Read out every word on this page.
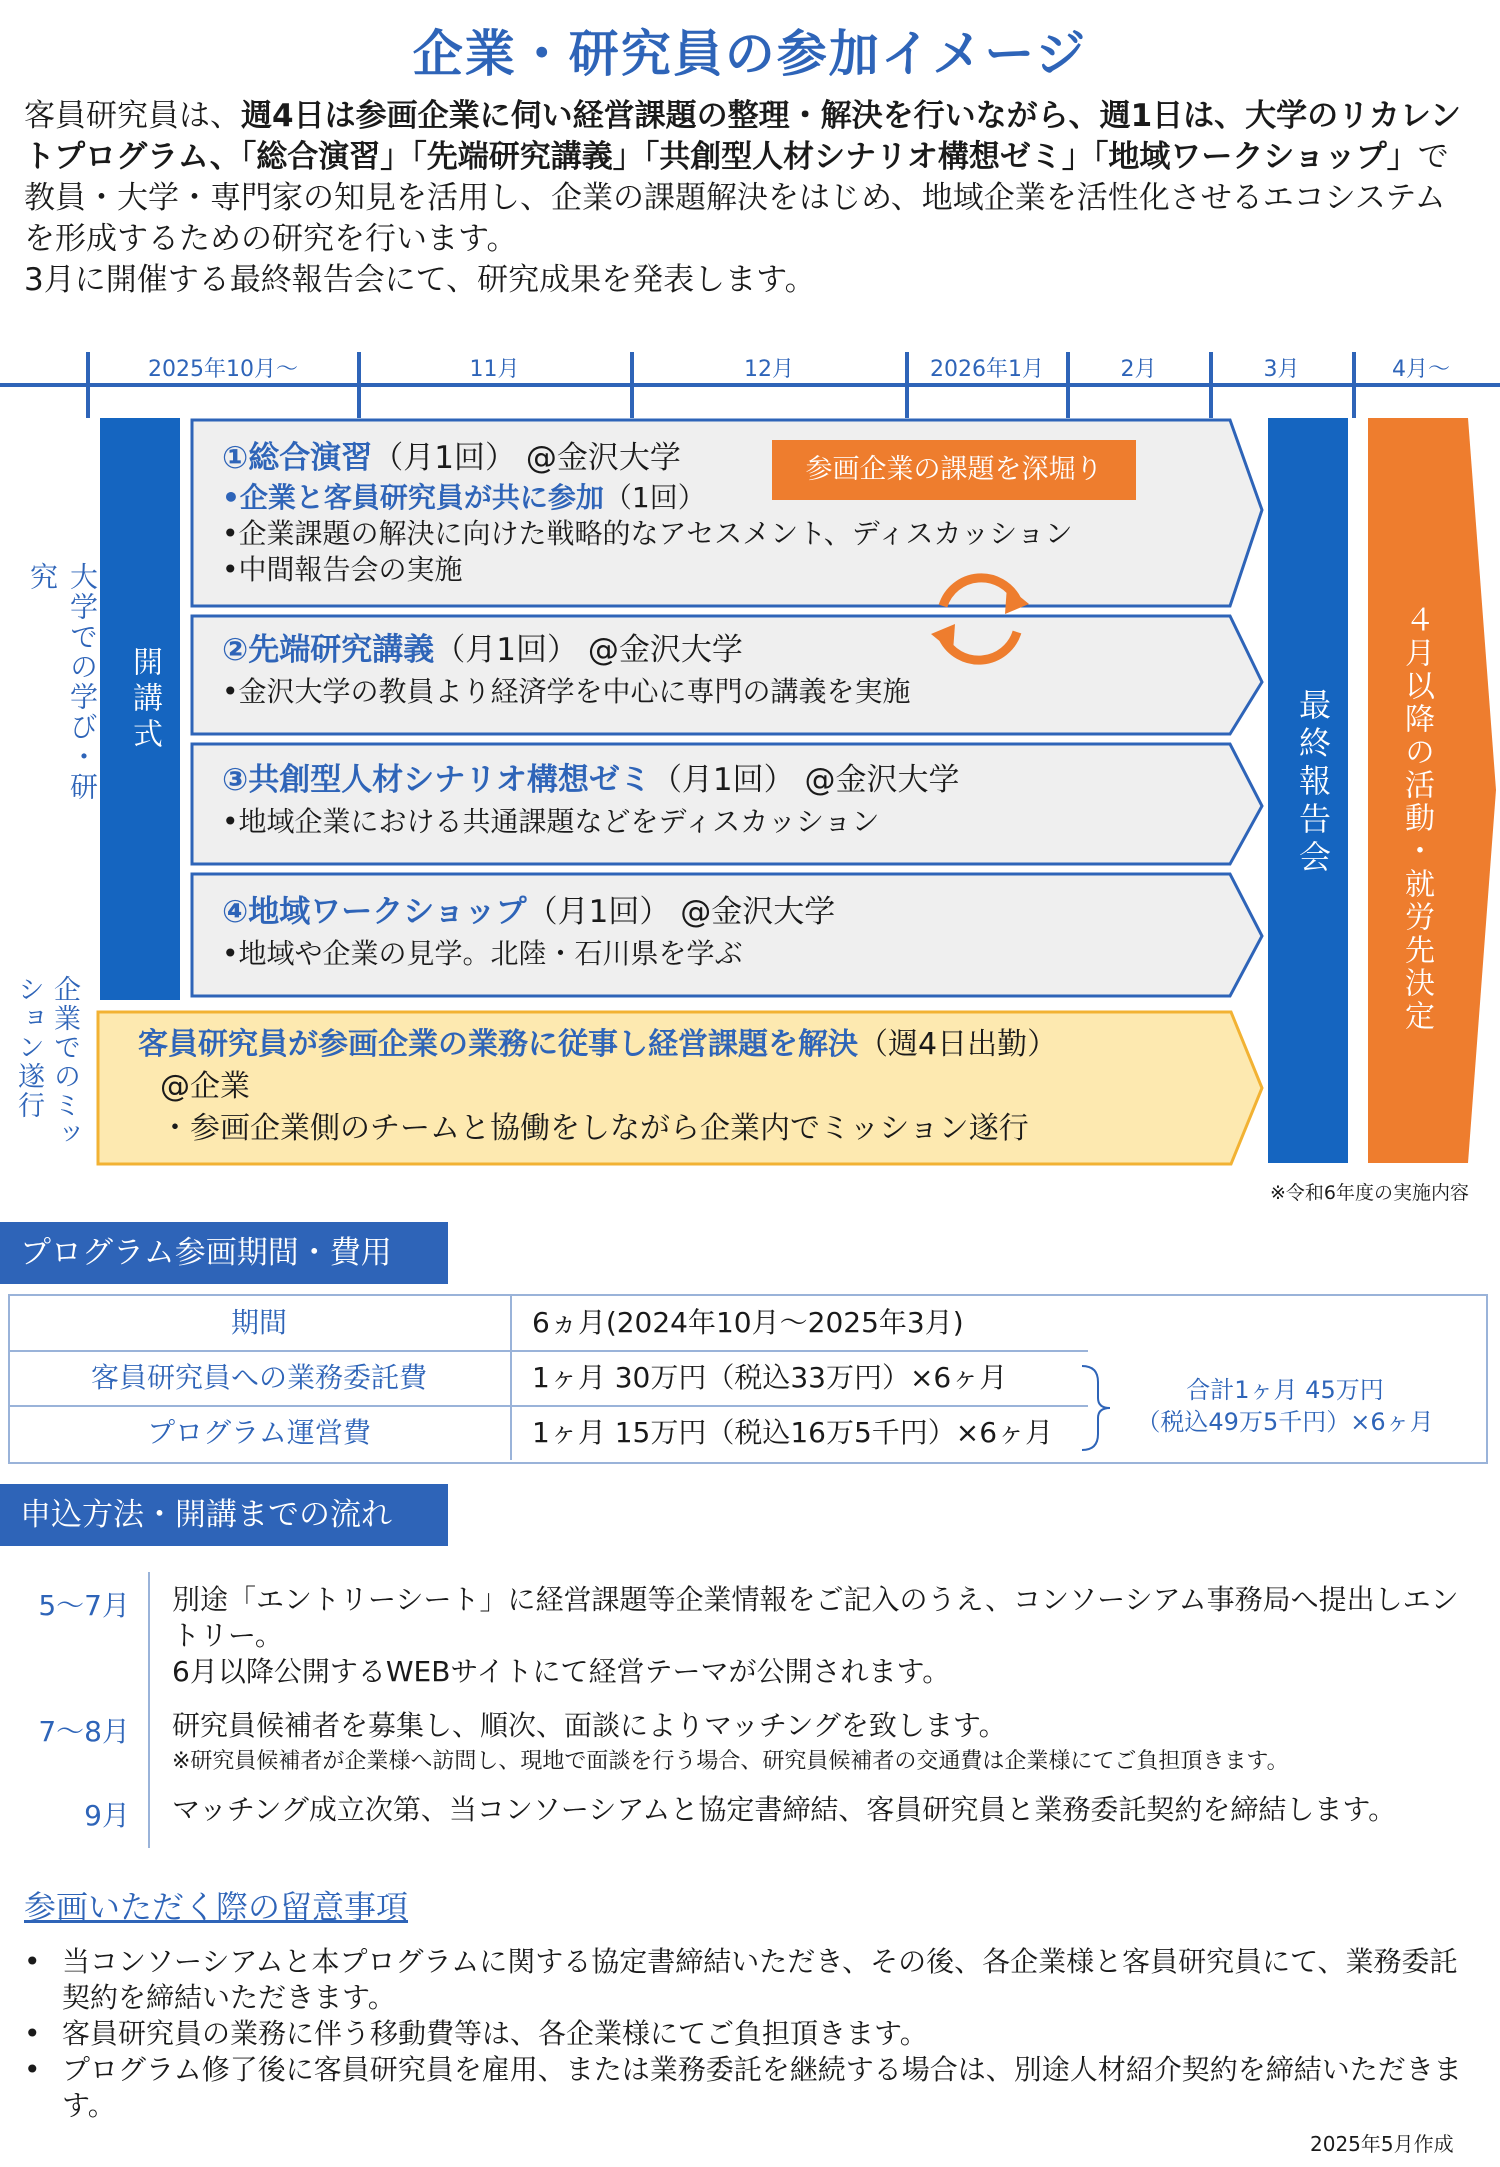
企業・研究員の参加イメージ
客員研究員は、週4日は参画企業に伺い経営課題の整理・解決を行いながら、週1日は、大学のリカレントプログラム、「総合演習」「先端研究講義」「共創型人材シナリオ構想ゼミ」「地域ワークショップ」で教員・大学・専門家の知見を活用し、企業の課題解決をはじめ、地域企業を活性化させるエコシステムを形成するための研究を行います。
3月に開催する最終報告会にて、研究成果を発表します。
2025年10月～	11月	12月	2026年1月	2月	3月	4月～
大学での学び・研究
企業でのミッション遂行
開講式
①総合演習（月1回） @金沢大学
•企業と客員研究員が共に参加（1回）
•企業課題の解決に向けた戦略的なアセスメント、ディスカッション
•中間報告会の実施
参画企業の課題を深堀り
②先端研究講義（月1回） @金沢大学
•金沢大学の教員より経済学を中心に専門の講義を実施
③共創型人材シナリオ構想ゼミ（月1回） @金沢大学
•地域企業における共通課題などをディスカッション
④地域ワークショップ（月1回） @金沢大学
•地域や企業の見学。北陸・石川県を学ぶ
客員研究員が参画企業の業務に従事し経営課題を解決（週4日出勤）
@企業
・参画企業側のチームと協働をしながら企業内でミッション遂行
最終報告会 ４月以降の活動・就労先決定
※令和6年度の実施内容
プログラム参画期間・費用
期間	6ヵ月(2024年10月～2025年3月)
客員研究員への業務委託費	1ヶ月 30万円（税込33万円）×6ヶ月
プログラム運営費	1ヶ月 15万円（税込16万5千円）×6ヶ月
合計1ヶ月 45万円
（税込49万5千円）×6ヶ月
申込方法・開講までの流れ
5～7月 別途「エントリーシート」に経営課題等企業情報をご記入のうえ、コンソーシアム事務局へ提出しエントリー。
6月以降公開するWEBサイトにて経営テーマが公開されます。
7～8月 研究員候補者を募集し、順次、面談によりマッチングを致します。
※研究員候補者が企業様へ訪問し、現地で面談を行う場合、研究員候補者の交通費は企業様にてご負担頂きます。
9月 マッチング成立次第、当コンソーシアムと協定書締結、客員研究員と業務委託契約を締結します。
参画いただく際の留意事項
• 当コンソーシアムと本プログラムに関する協定書締結いただき、その後、各企業様と客員研究員にて、業務委託契約を締結いただきます。
• 客員研究員の業務に伴う移動費等は、各企業様にてご負担頂きます。
• プログラム修了後に客員研究員を雇用、または業務委託を継続する場合は、別途人材紹介契約を締結いただきます。
2025年5月作成
